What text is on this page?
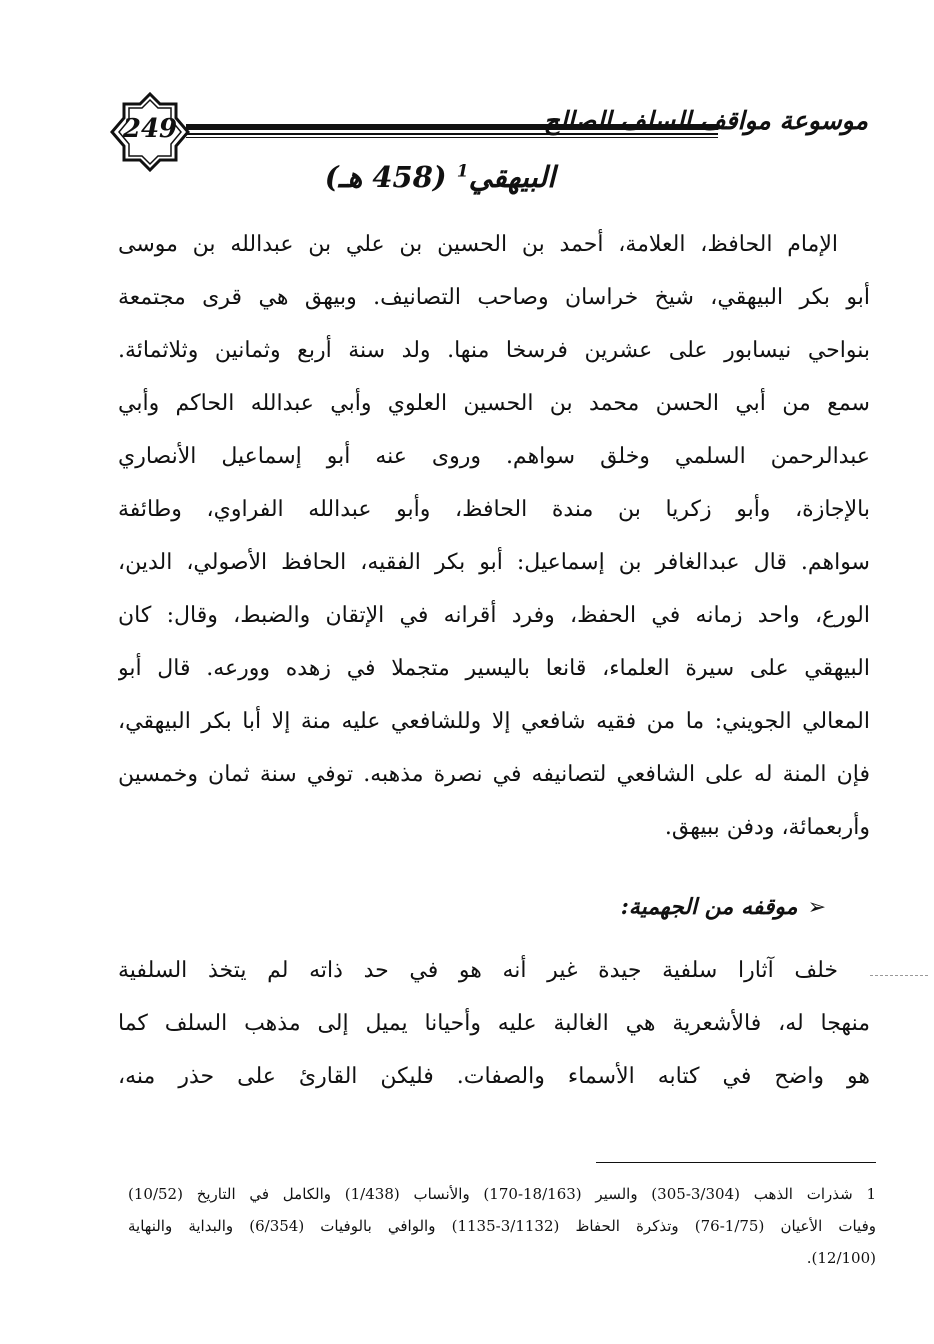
249	موسوعة مواقف السلف الصالح
البيهقي$^1$ (458 هـ)
الإمام الحافظ، العلامة، أحمد بن الحسين بن علي بن عبدالله بن موسى
أبو بكر البيهقي، شيخ خراسان وصاحب التصانيف. وبيهق هي قرى مجتمعة
بنواحي نيسابور على عشرين فرسخا منها. ولد سنة أربع وثمانين وثلاثمائة.
سمع من أبي الحسن محمد بن الحسين العلوي وأبي عبدالله الحاكم وأبي
عبدالرحمن السلمي وخلق سواهم. وروى عنه أبو إسماعيل الأنصاري
بالإجازة، وأبو زكريا بن مندة الحافظ، وأبو عبدالله الفراوي، وطائفة
سواهم. قال عبدالغافر بن إسماعيل: أبو بكر الفقيه، الحافظ الأصولي، الدين،
الورع، واحد زمانه في الحفظ، وفرد أقرانه في الإتقان والضبط، وقال: كان
البيهقي على سيرة العلماء، قانعا باليسير متجملا في زهده وورعه. قال أبو
المعالي الجويني: ما من فقيه شافعي إلا وللشافعي عليه منة إلا أبا بكر البيهقي،
فإن المنة له على الشافعي لتصانيفه في نصرة مذهبه. توفي سنة ثمان وخمسين
وأربعمائة، ودفن ببيهق.
➢موقفه من الجهمية:
خلف آثارا سلفية جيدة غير أنه هو في حد ذاته لم يتخذ السلفية
منهجا له، فالأشعرية هي الغالبة عليه وأحيانا يميل إلى مذهب السلف كما
هو واضح في كتابه الأسماء والصفات. فليكن القارئ على حذر منه،
1 شذرات الذهب (3/304-305) والسير (18/163-170) والأنساب (1/438) والكامل في التاريخ (10/52)
وفيات الأعيان (1/75-76) وتذكرة الحفاظ (3/1132-1135) والوافي بالوفيات (6/354) والبداية والنهاية
(12/100).
